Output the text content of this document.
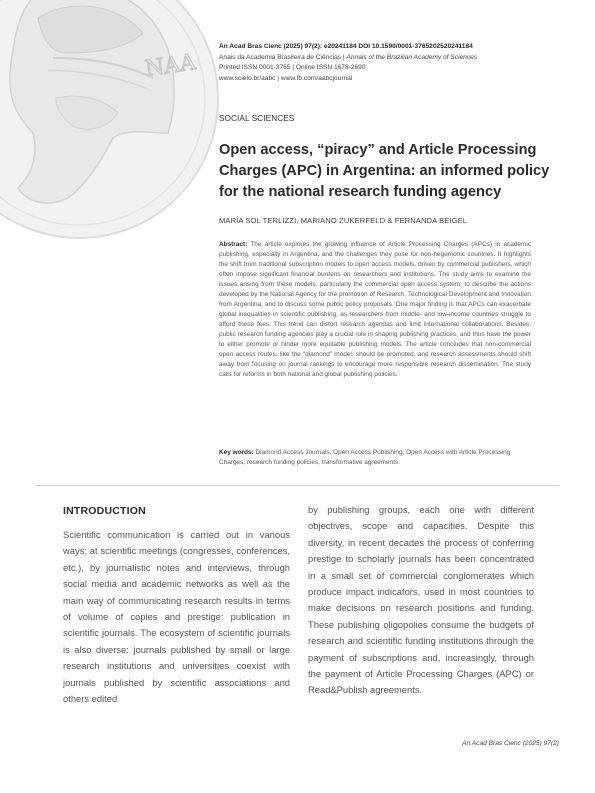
NAA
An Acad Bras Cienc (2025) 97(2): e20241184 DOI 10.1590/0001-3765202520241184
Anais da Academia Brasileira de Ciências | Annals of the Brazilian Academy of Sciences
Printed ISSN 0001-3765 | Online ISSN 1678-2690
www.scielo.br/aabc | www.fb.com/aabcjournal
SOCIAL SCIENCES
Open access, “piracy” and Article Processing Charges (APC) in Argentina: an informed policy for the national research funding agency
MARÍA SOL TERLIZZI, MARIANO ZUKERFELD & FERNANDA BEIGEL
Abstract: The article explores the growing influence of Article Processing Charges (APCs) in academic publishing, especially in Argentina, and the challenges they pose for non-hegemonic countries. It highlights the shift from traditional subscription models to open access models, driven by commercial publishers, which often impose significant financial burdens on researchers and institutions. The study aims to examine the issues arising from these models, particularly the commercial open access system, to describe the actions developed by the National Agency for the promotion of Research, Technological Development and Innovation from Argentina, and to discuss some public policy proposals. One major finding is that APCs can exacerbate global inequalities in scientific publishing, as researchers from middle- and low-income countries struggle to afford these fees. This trend can distort research agendas and limit international collaborations. Besides, public research funding agencies play a crucial role in shaping publishing practices, and thus have the power to either promote or hinder more equitable publishing models. The article concludes that non-commercial open access routes, like the “diamond” model, should be promoted, and research assessments should shift away from focusing on journal rankings to encourage more responsible research dissemination. The study calls for reforms in both national and global publishing policies.
Key words: Diamond Access Journals, Open Access Publishing, Open Access with Article Processing Charges, research funding policies, transformative agreements.
INTRODUCTION
Scientific communication is carried out in various ways: at scientific meetings (congresses, conferences, etc.), by journalistic notes and interviews, through social media and academic networks as well as the main way of communicating research results in terms of volume of copies and prestige: publication in scientific journals. The ecosystem of scientific journals is also diverse: journals published by small or large research institutions and universities coexist with journals published by scientific associations and others edited
by publishing groups, each one with different objectives, scope and capacities. Despite this diversity, in recent decades the process of conferring prestige to scholarly journals has been concentrated in a small set of commercial conglomerates which produce impact indicators, used in most countries to make decisions on research positions and funding. These publishing oligopolies consume the budgets of research and scientific funding institutions through the payment of subscriptions and, increasingly, through the payment of Article Processing Charges (APC) or Read&Publish agreements.
An Acad Bras Cienc (2025) 97(2)
